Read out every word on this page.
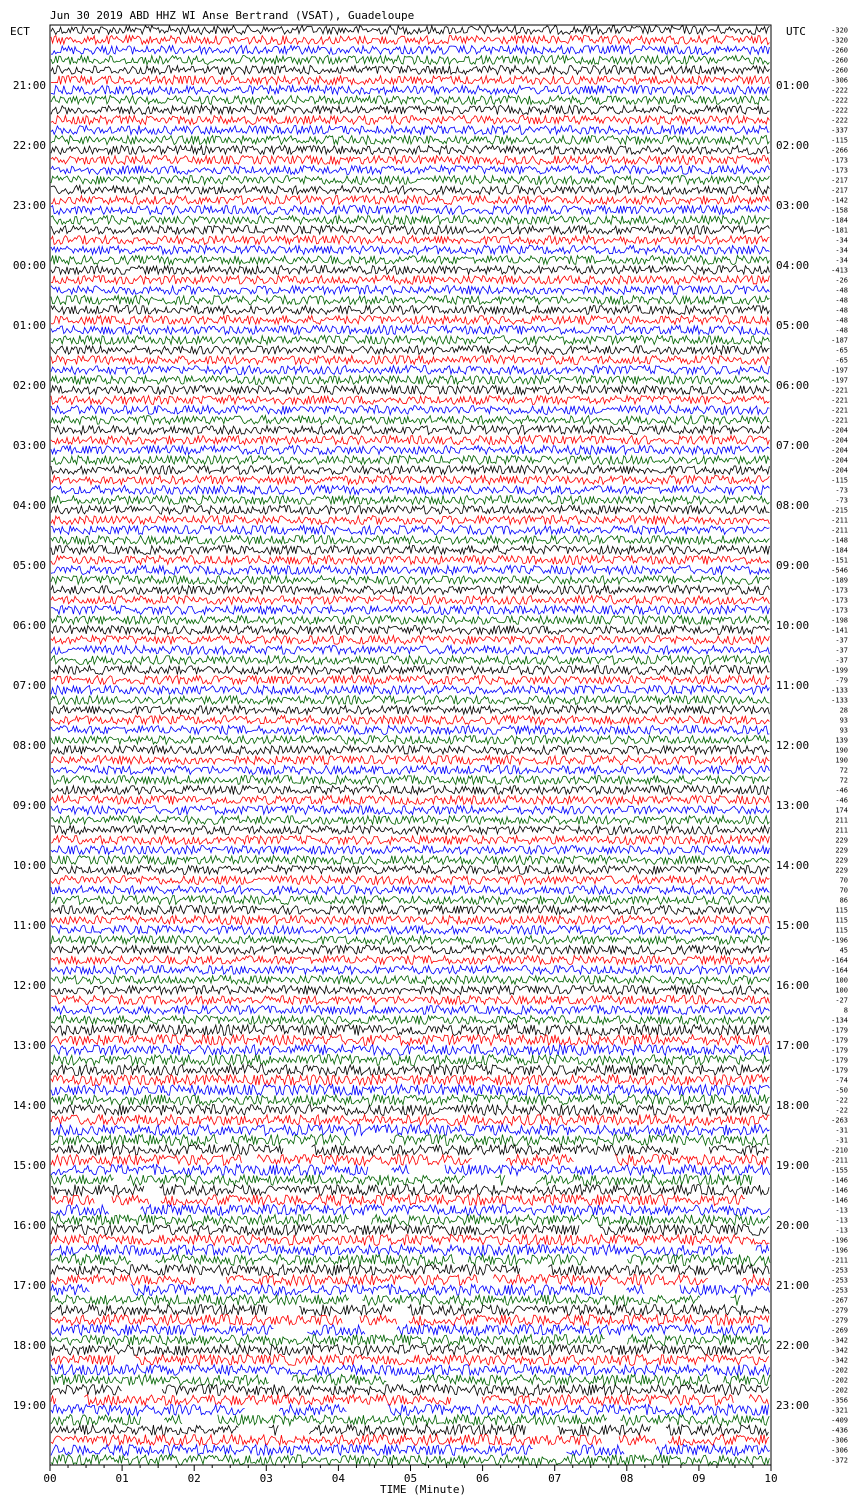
Jun 30 2019 ABD HHZ WI Anse Bertrand (VSAT), Guadeloupe
ECT	UTC
TIME (Minute)
00	01	02	03	04	05	06	07	08	09	10
21:00
22:00
23:00
00:00
01:00
02:00
03:00
04:00
05:00
06:00
07:00
08:00
09:00
10:00
11:00
12:00
13:00
14:00
15:00
16:00
17:00
18:00
19:00
01:00
02:00
03:00
04:00
05:00
06:00
07:00
08:00
09:00
10:00
11:00
12:00
13:00
14:00
15:00
16:00
17:00
18:00
19:00
20:00
21:00
22:00
23:00
-320
-320
-260
-260
-260
-306
-222
-222
-222
-222
-337
-115
-266
-173
-173
-217
-217
-142
-158
-184
-181
-34
-34
-34
-413
-26
-48
-48
-48
-48
-48
-187
-65
-65
-197
-197
-221
-221
-221
-221
-204
-204
-204
-204
-204
-115
-73
-73
-215
-211
-211
-148
-184
-151
-546
-189
-173
-173
-173
-198
-141
-37
-37
-37
-199
-79
-133
-133
28
93
93
139
190
190
72
72
-46
-46
174
211
211
229
229
229
229
70
70
86
115
115
115
-196
45
-164
-164
100
100
-27
8
-134
-179
-179
-179
-179
-179
-74
-50
-22
-22
-263
-31
-31
-210
-211
-155
-146
-146
-146
-13
-13
-13
-196
-196
-211
-253
-253
-253
-267
-279
-279
-269
-342
-342
-342
-202
-202
-202
-356
-321
-409
-436
-306
-306
-372
